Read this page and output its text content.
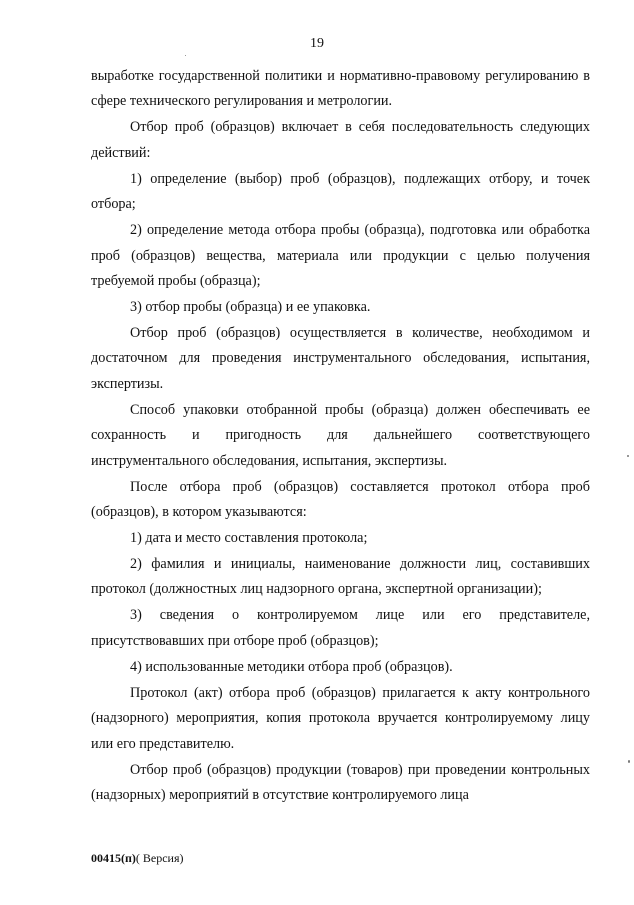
19

выработке государственной политики и нормативно-правовому регулированию в сфере технического регулирования и метрологии.

Отбор проб (образцов) включает в себя последовательность следующих действий:

1) определение (выбор) проб (образцов), подлежащих отбору, и точек отбора;

2) определение метода отбора пробы (образца), подготовка или обработка проб (образцов) вещества, материала или продукции с целью получения требуемой пробы (образца);

3) отбор пробы (образца) и ее упаковка.

Отбор проб (образцов) осуществляется в количестве, необходимом и достаточном для проведения инструментального обследования, испытания, экспертизы.

Способ упаковки отобранной пробы (образца) должен обеспечивать ее сохранность и пригодность для дальнейшего соответствующего инструментального обследования, испытания, экспертизы.

После отбора проб (образцов) составляется протокол отбора проб (образцов), в котором указываются:

1) дата и место составления протокола;

2) фамилия и инициалы, наименование должности лиц, составивших протокол (должностных лиц надзорного органа, экспертной организации);

3) сведения о контролируемом лице или его представителе, присутствовавших при отборе проб (образцов);

4) использованные методики отбора проб (образцов).

Протокол (акт) отбора проб (образцов) прилагается к акту контрольного (надзорного) мероприятия, копия протокола вручается контролируемому лицу или его представителю.

Отбор проб (образцов) продукции (товаров) при проведении контрольных (надзорных) мероприятий в отсутствие контролируемого лица

00415(п)( Версия)
